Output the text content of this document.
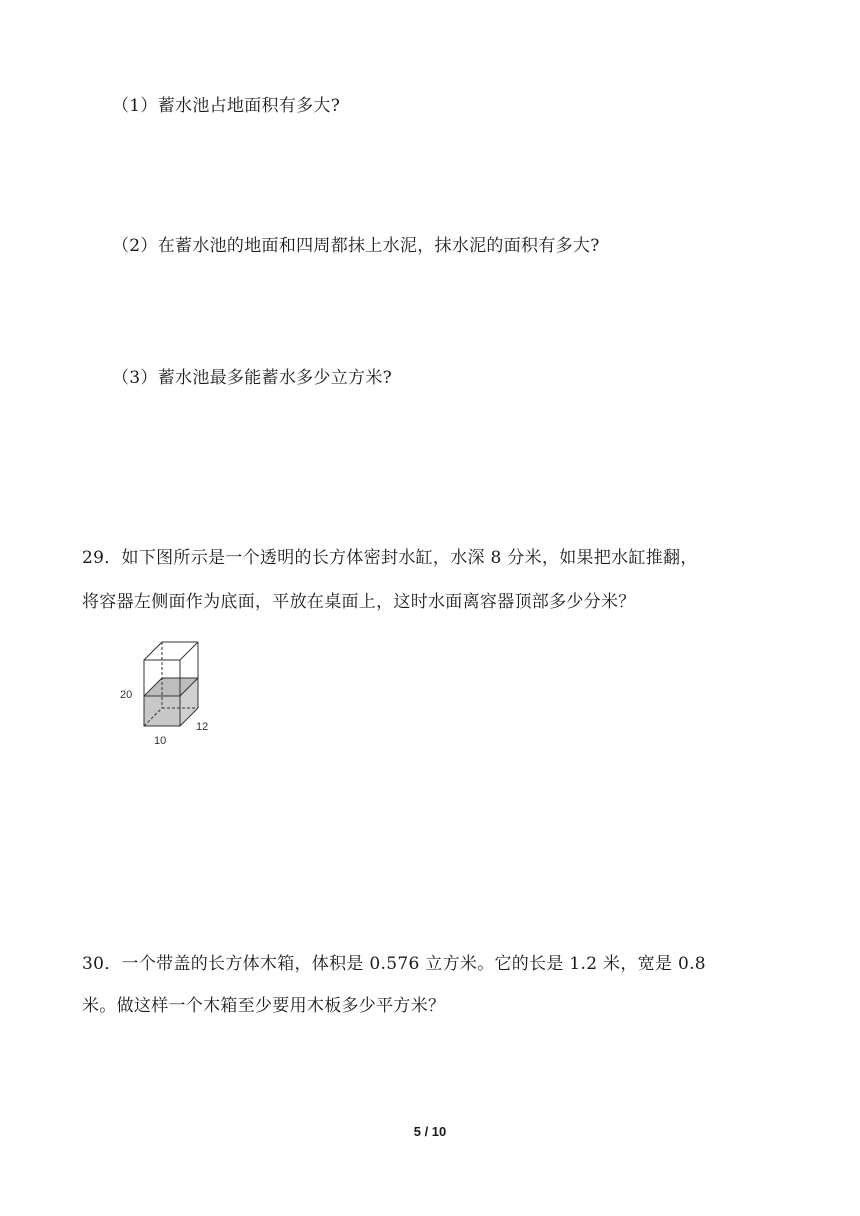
（1）蓄水池占地面积有多大?
（2）在蓄水池的地面和四周都抹上水泥，抹水泥的面积有多大?
（3）蓄水池最多能蓄水多少立方米?
29．如下图所示是一个透明的长方体密封水缸，水深 8 分米，如果把水缸推翻，
将容器左侧面作为底面，平放在桌面上，这时水面离容器顶部多少分米？
20
12
10
30．一个带盖的长方体木箱，体积是 0.576 立方米。它的长是 1.2 米，宽是 0.8
米。做这样一个木箱至少要用木板多少平方米？
5 / 10
